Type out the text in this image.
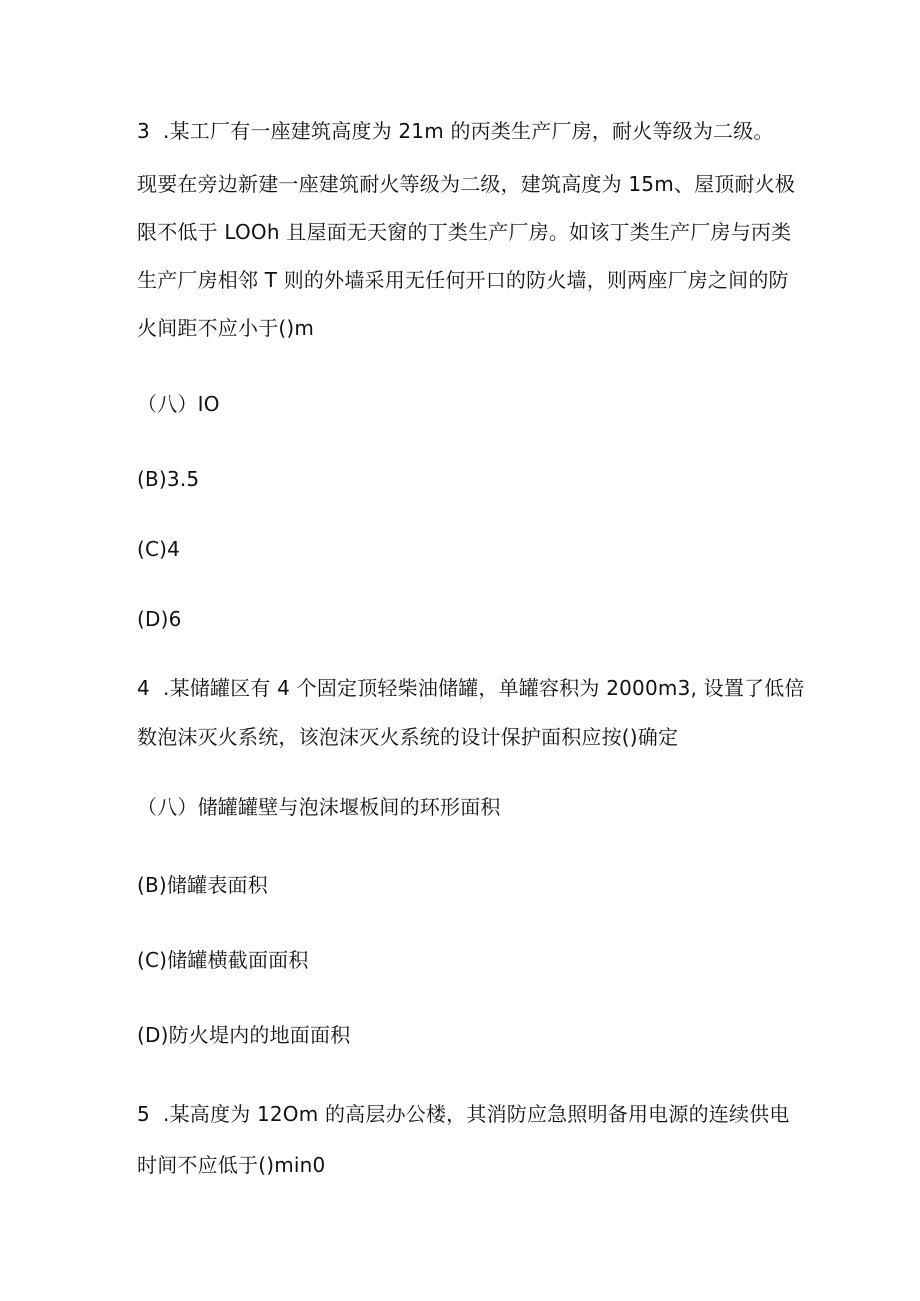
3  .某工厂有一座建筑高度为 21m 的丙类生产厂房，耐火等级为二级。
现要在旁边新建一座建筑耐火等级为二级，建筑高度为 15m、屋顶耐火极
限不低于 LOOh 且屋面无天窗的丁类生产厂房。如该丁类生产厂房与丙类
生产厂房相邻 T 则的外墙采用无任何开口的防火墙，则两座厂房之间的防
火间距不应小于()m
（八）IO
(B)3.5
(C)4
(D)6
4  .某储罐区有 4 个固定顶轻柴油储罐，单罐容积为 2000m3, 设置了低倍
数泡沫灭火系统，该泡沫灭火系统的设计保护面积应按()确定
（八）储罐罐壁与泡沫堰板间的环形面积
(B)储罐表面积
(C)储罐横截面面积
(D)防火堤内的地面面积
5  .某高度为 12Om 的高层办公楼，其消防应急照明备用电源的连续供电
时间不应低于()min0
